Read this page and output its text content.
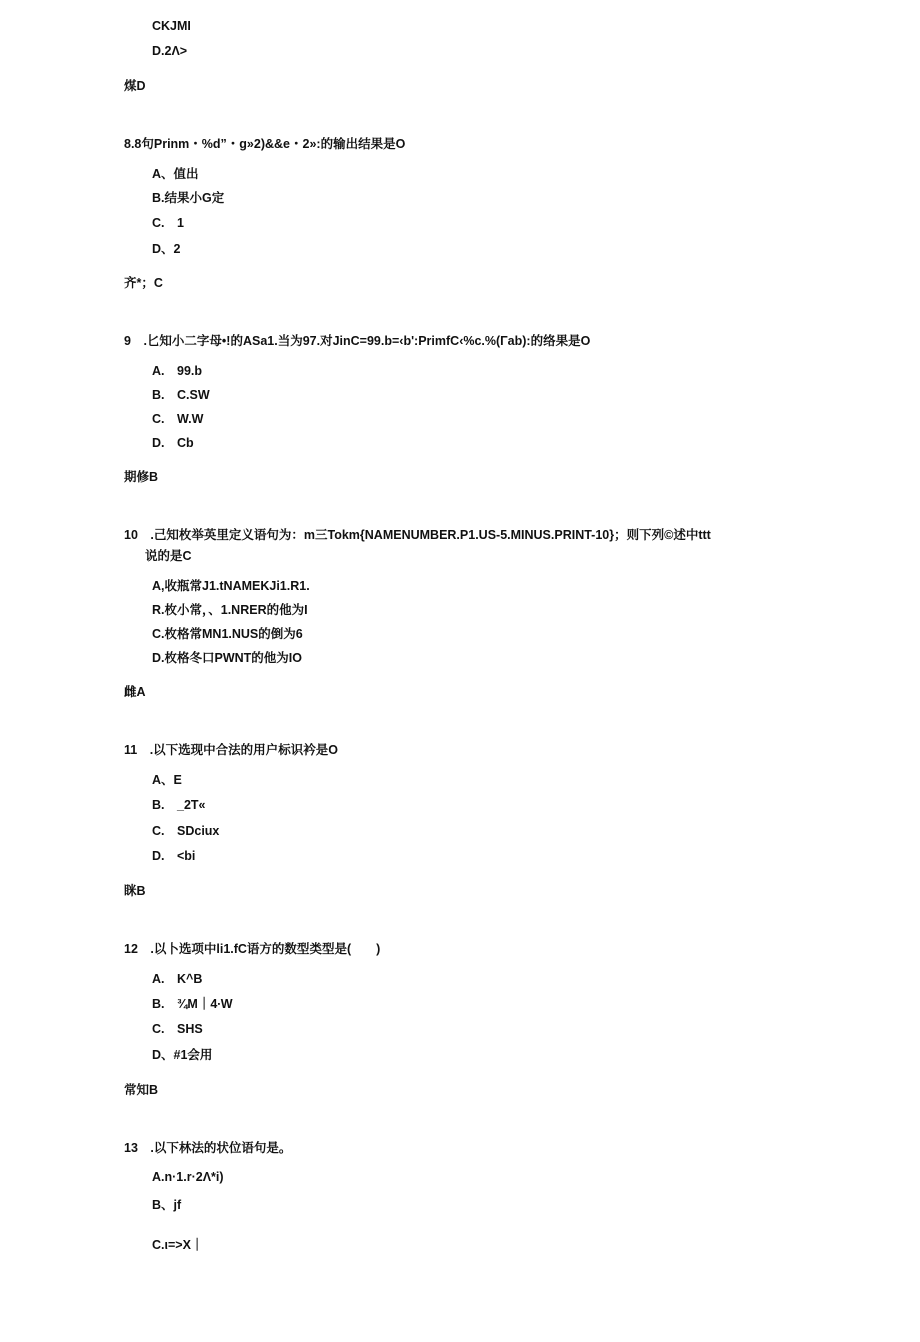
CKJMI
D.2Λ>
煤D
8.8句Prinm・%d”・g»2)&&e・2»:的输出结果是O
A、值出
B.结果小G定
C.　1
D、2
齐*；C
9　.匕知小二字母•!的ASa1.当为97.对JinC=99.b=‹b':PrimfC‹%c.%(Γab):的络果是O
A.　99.b
B.　C.SW
C.　W.W
D.　Cb
期修B
10　.己知枚举英里定义语句为：m三Tokm{NAMENUMBER.P1.US-5.MINUS.PRINT-10}；则下列©述中ttt
说的是C
A,收瓶常J1.tNAMEKJi1.R1.
R.枚小常，、1.NRER的他为I
C.枚格常MN1.NUS的倒为6
D.枚格冬口PWNT的他为IO
雌A
11　.以下选现中合法的用户标识衿是O
A、E
B.　_2T«
C.　SDciux
D.　<bi
眯B
12　.以卜选项中li1.fC语方的数型类型是(　　)
A.　K^B
B.　¾M｜4∙W
C.　SHS
D、#1会用
常知B
13　.以下林法的状位语句是。
A.n·1.r·2Λ*i)
B、jf
C.ι=>X｜
